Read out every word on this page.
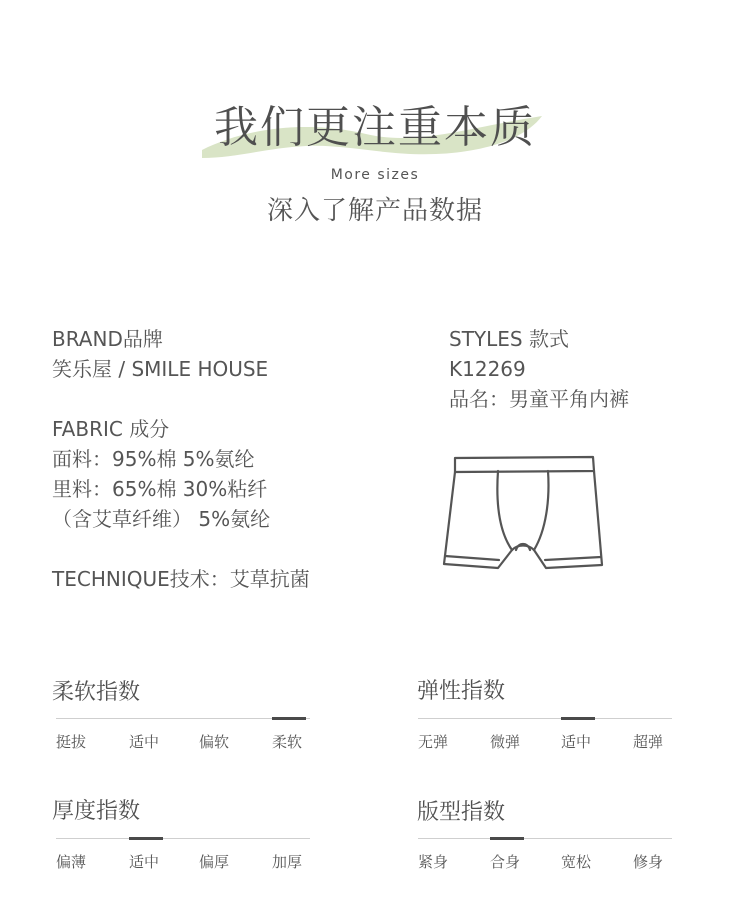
我们更注重本质
More sizes
深入了解产品数据
BRAND品牌
笑乐屋 / SMILE HOUSE
FABRIC 成分
面料：95%棉 5%氨纶
里料：65%棉 30%粘纤
（含艾草纤维） 5%氨纶
TECHNIQUE技术：艾草抗菌
STYLES 款式
K12269
品名：男童平角内裤
柔软指数
挺拔	适中	偏软	柔软
弹性指数
无弹	微弹	适中	超弹
厚度指数
偏薄	适中	偏厚	加厚
版型指数
紧身	合身	宽松	修身
